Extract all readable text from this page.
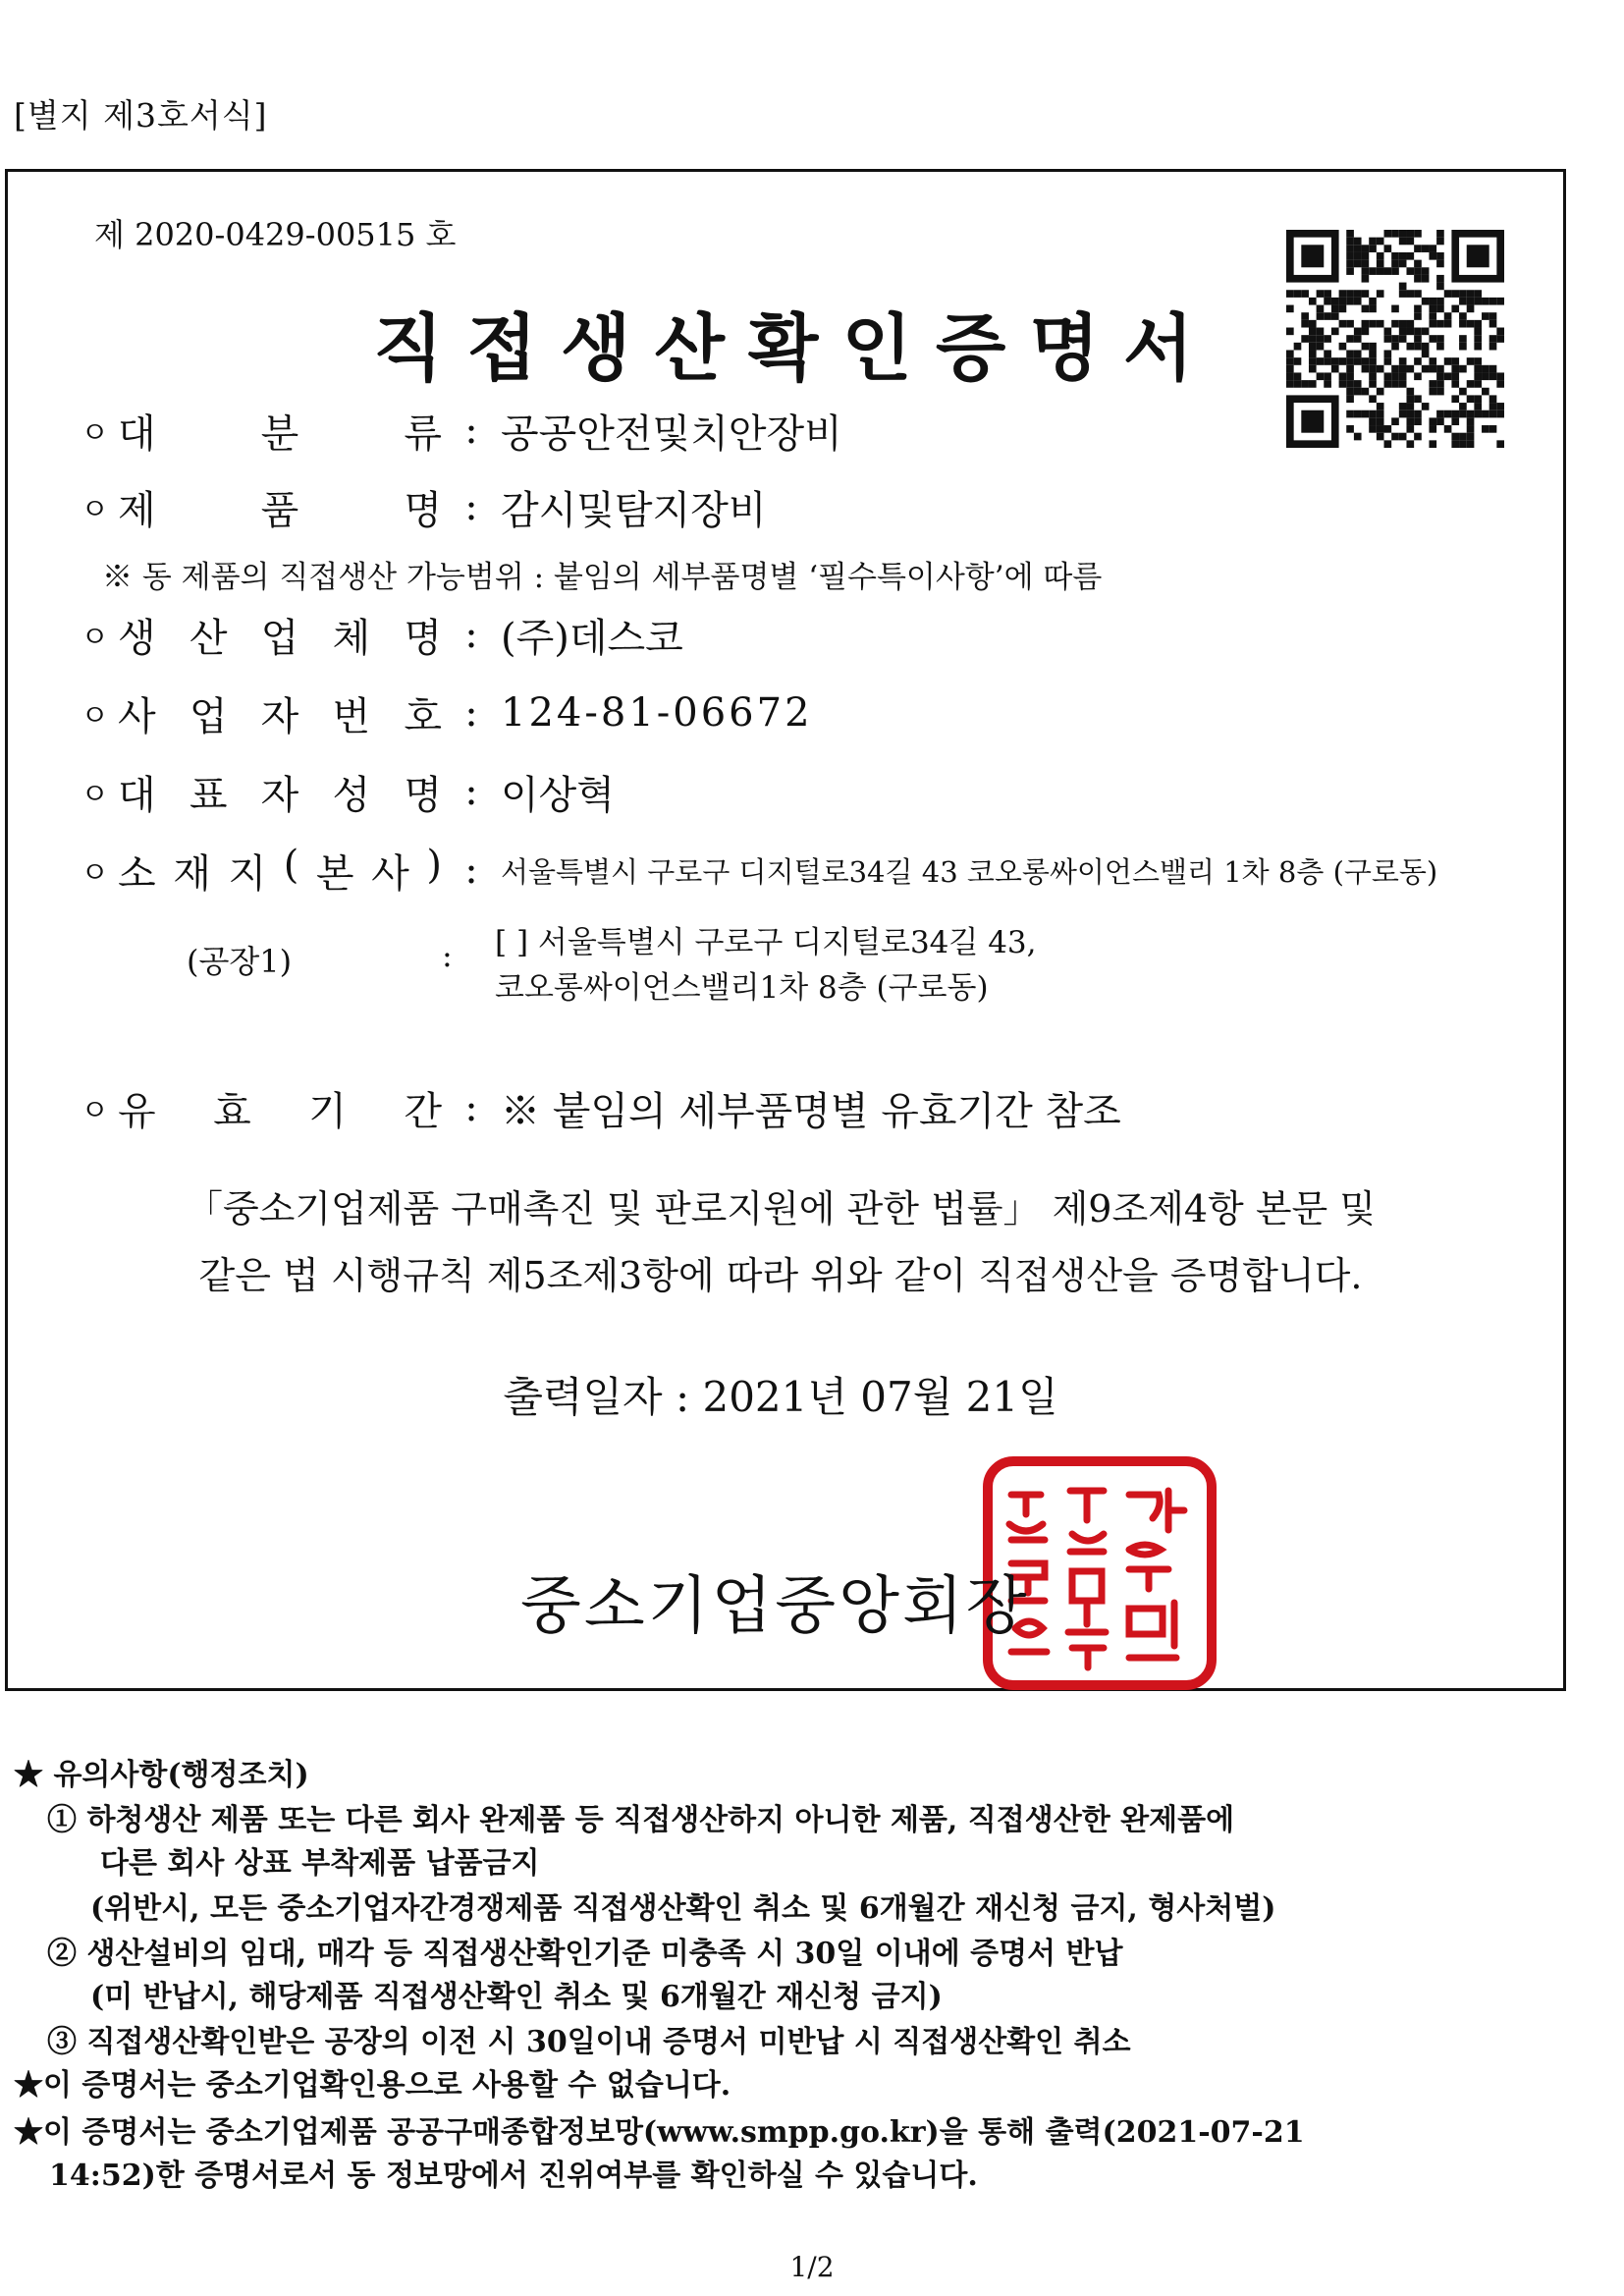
[별지 제3호서식]
제 2020-0429-00515 호
직접생산확인증명서
ㅇ 대	분	류 : 공공안전및치안장비
ㅇ 제	품	명 : 감시및탐지장비
※ 동 제품의 직접생산 가능범위 : 붙임의 세부품명별 ‘필수특이사항’에 따름
ㅇ 생 산 업 체 명 : (주)데스코
ㅇ 사 업 자 번 호 : 124-81-06672
ㅇ 대 표 자 성 명 : 이상혁
ㅇ 소 재 지 ( 본 사 ) : 서울특별시 구로구 디지털로34길 43 코오롱싸이언스밸리 1차 8층 (구로동)
(공장1)	: [ ] 서울특별시 구로구 디지털로34길 43,
코오롱싸이언스밸리1차 8층 (구로동)
ㅇ 유 효 기 간 : ※ 붙임의 세부품명별 유효기간 참조
「중소기업제품 구매촉진 및 판로지원에 관한 법률」 제9조제4항 본문 및
같은 법 시행규칙 제5조제3항에 따라 위와 같이 직접생산을 증명합니다.
출력일자 : 2021년 07월 21일
중소기업중앙회장
★ 유의사항(행정조치)
① 하청생산 제품 또는 다른 회사 완제품 등 직접생산하지 아니한 제품, 직접생산한 완제품에
다른 회사 상표 부착제품 납품금지
(위반시, 모든 중소기업자간경쟁제품 직접생산확인 취소 및 6개월간 재신청 금지, 형사처벌)
② 생산설비의 임대, 매각 등 직접생산확인기준 미충족 시 30일 이내에 증명서 반납
(미 반납시, 해당제품 직접생산확인 취소 및 6개월간 재신청 금지)
③ 직접생산확인받은 공장의 이전 시 30일이내 증명서 미반납 시 직접생산확인 취소
★이 증명서는 중소기업확인용으로 사용할 수 없습니다.
★이 증명서는 중소기업제품 공공구매종합정보망(www.smpp.go.kr)을 통해 출력(2021-07-21
14:52)한 증명서로서 동 정보망에서 진위여부를 확인하실 수 있습니다.
1/2
